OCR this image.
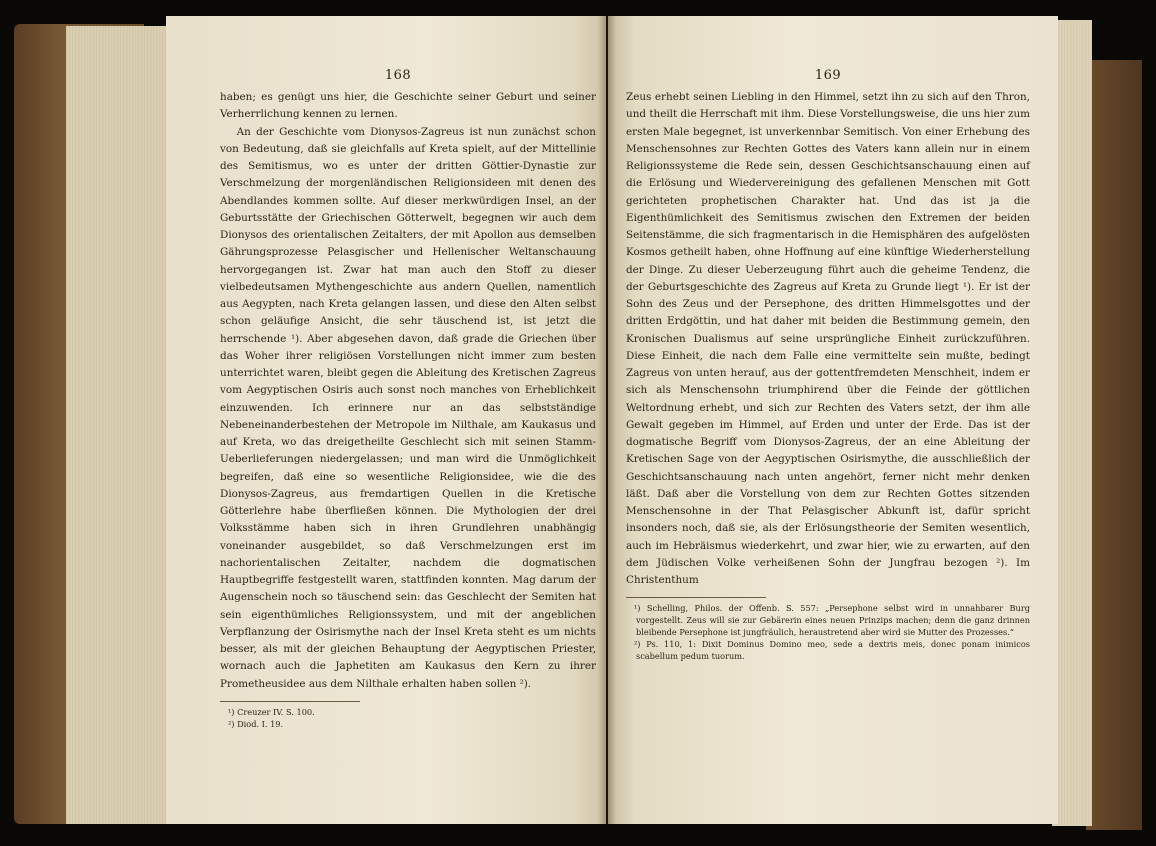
168

haben; es genügt uns hier, die Geschichte seiner Geburt und seiner Verherrlichung kennen zu lernen.

An der Geschichte vom Dionysos-Zagreus ist nun zunächst schon von Bedeutung, daß sie gleichfalls auf Kreta spielt, auf der Mittellinie des Semitismus, wo es unter der dritten Göttier-Dynastie zur Verschmelzung der morgenländischen Religionsideen mit denen des Abendlandes kommen sollte. Auf dieser merkwürdigen Insel, an der Geburtsstätte der Griechischen Götterwelt, begegnen wir auch dem Dionysos des orientalischen Zeitalters, der mit Apollon aus demselben Gährungsprozesse Pelasgischer und Hellenischer Weltanschauung hervorgegangen ist. Zwar hat man auch den Stoff zu dieser vielbedeutsamen Mythengeschichte aus andern Quellen, namentlich aus Aegypten, nach Kreta gelangen lassen, und diese den Alten selbst schon geläufige Ansicht, die sehr täuschend ist, ist jetzt die herrschende ¹). Aber abgesehen davon, daß grade die Griechen über das Woher ihrer religiösen Vorstellungen nicht immer zum besten unterrichtet waren, bleibt gegen die Ableitung des Kretischen Zagreus vom Aegyptischen Osiris auch sonst noch manches von Erheblichkeit einzuwenden. Ich erinnere nur an das selbstständige Nebeneinanderbestehen der Metropole im Nilthale, am Kaukasus und auf Kreta, wo das dreigetheilte Geschlecht sich mit seinen Stamm-Ueberlieferungen niedergelassen; und man wird die Unmöglichkeit begreifen, daß eine so wesentliche Religionsidee, wie die des Dionysos-Zagreus, aus fremdartigen Quellen in die Kretische Götterlehre habe überfließen können. Die Mythologien der drei Volksstämme haben sich in ihren Grundlehren unabhängig voneinander ausgebildet, so daß Verschmelzungen erst im nachorientalischen Zeitalter, nachdem die dogmatischen Hauptbegriffe festgestellt waren, stattfinden konnten. Mag darum der Augenschein noch so täuschend sein: das Geschlecht der Semiten hat sein eigenthümliches Religionssystem, und mit der angeblichen Verpflanzung der Osirismythe nach der Insel Kreta steht es um nichts besser, als mit der gleichen Behauptung der Aegyptischen Priester, wornach auch die Japhetiten am Kaukasus den Kern zu ihrer Prometheusidee aus dem Nilthale erhalten haben sollen ²).

¹) Creuzer IV. S. 100.

²) Diod. I. 19.

169

Zeus erhebt seinen Liebling in den Himmel, setzt ihn zu sich auf den Thron, und theilt die Herrschaft mit ihm. Diese Vorstellungsweise, die uns hier zum ersten Male begegnet, ist unverkennbar Semitisch. Von einer Erhebung des Menschensohnes zur Rechten Gottes des Vaters kann allein nur in einem Religionssysteme die Rede sein, dessen Geschichtsanschauung einen auf die Erlösung und Wiedervereinigung des gefallenen Menschen mit Gott gerichteten prophetischen Charakter hat. Und das ist ja die Eigenthümlichkeit des Semitismus zwischen den Extremen der beiden Seitenstämme, die sich fragmentarisch in die Hemisphären des aufgelösten Kosmos getheilt haben, ohne Hoffnung auf eine künftige Wiederherstellung der Dinge. Zu dieser Ueberzeugung führt auch die geheime Tendenz, die der Geburtsgeschichte des Zagreus auf Kreta zu Grunde liegt ¹). Er ist der Sohn des Zeus und der Persephone, des dritten Himmelsgottes und der dritten Erdgöttin, und hat daher mit beiden die Bestimmung gemein, den Kronischen Dualismus auf seine ursprüngliche Einheit zurückzuführen. Diese Einheit, die nach dem Falle eine vermittelte sein mußte, bedingt Zagreus von unten herauf, aus der gottentfremdeten Menschheit, indem er sich als Menschensohn triumphirend über die Feinde der göttlichen Weltordnung erhebt, und sich zur Rechten des Vaters setzt, der ihm alle Gewalt gegeben im Himmel, auf Erden und unter der Erde. Das ist der dogmatische Begriff vom Dionysos-Zagreus, der an eine Ableitung der Kretischen Sage von der Aegyptischen Osirismythe, die ausschließlich der Geschichtsanschauung nach unten angehört, ferner nicht mehr denken läßt. Daß aber die Vorstellung von dem zur Rechten Gottes sitzenden Menschensohne in der That Pelasgischer Abkunft ist, dafür spricht insonders noch, daß sie, als der Erlösungstheorie der Semiten wesentlich, auch im Hebräismus wiederkehrt, und zwar hier, wie zu erwarten, auf den dem Jüdischen Volke verheißenen Sohn der Jungfrau bezogen ²). Im Christenthum

¹) Schelling, Philos. der Offenb. S. 557: „Persephone selbst wird in unnahbarer Burg vorgestellt. Zeus will sie zur Gebärerin eines neuen Prinzips machen; denn die ganz drinnen bleibende Persephone ist jungfräulich, heraustretend aber wird sie Mutter des Prozesses.“

²) Ps. 110, 1: Dixit Dominus Domino meo, sede a dextris meis, donec ponam inimicos scabellum pedum tuorum.
